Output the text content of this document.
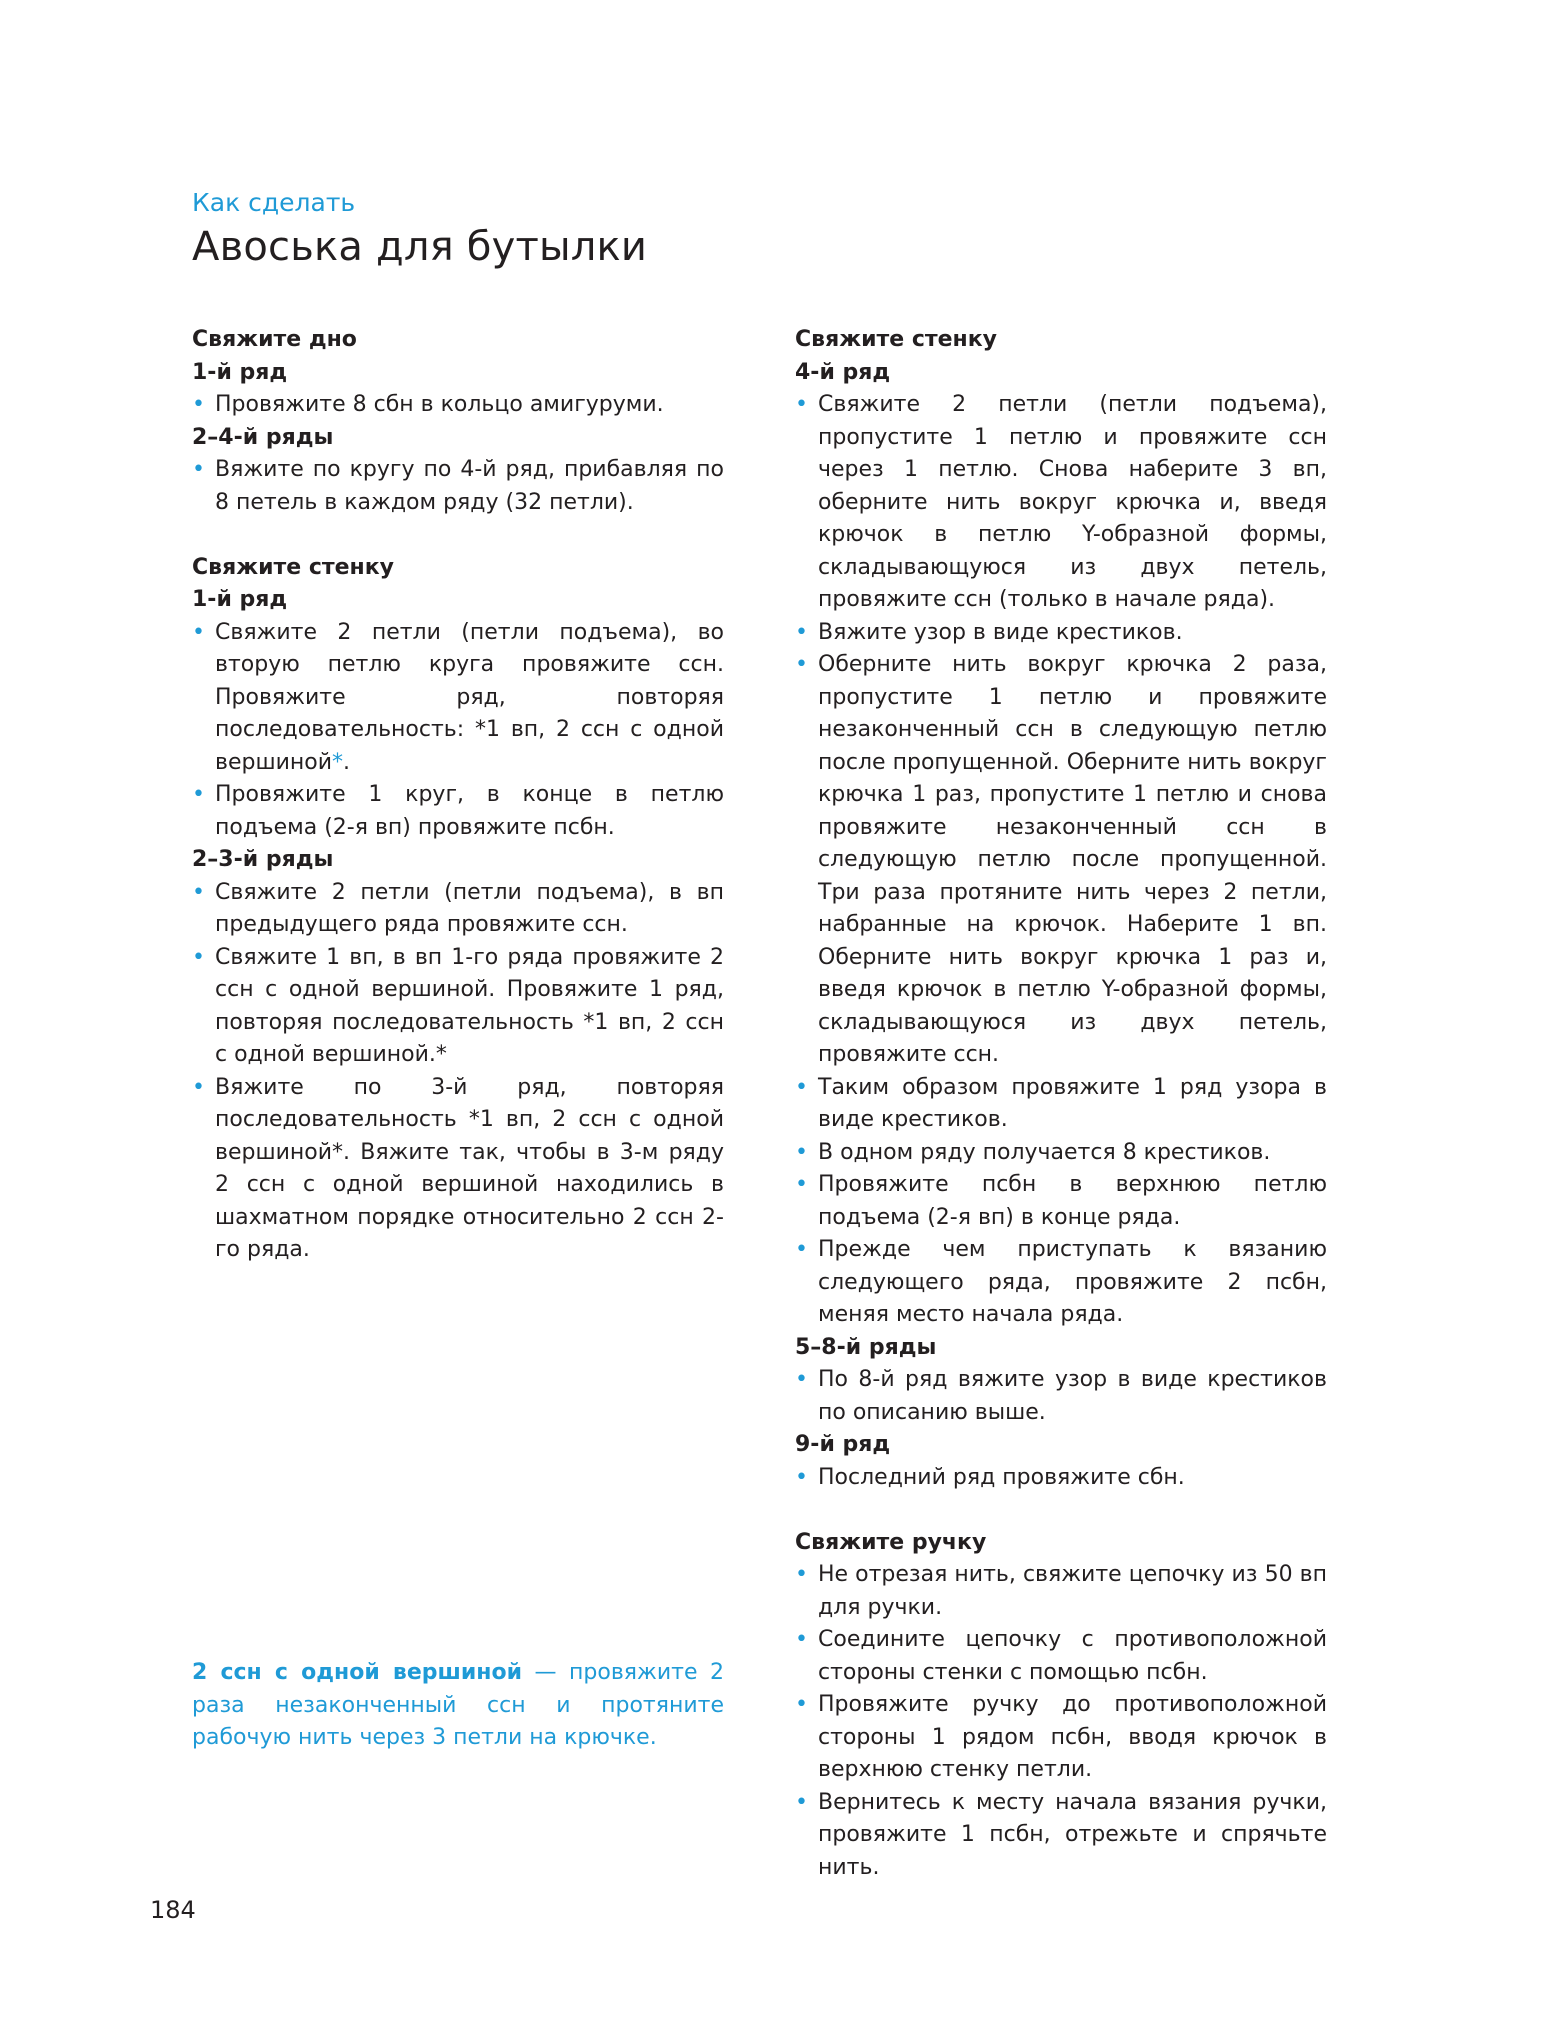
Как сделать
Авоська для бутылки
Свяжите дно
1-й ряд
• Провяжите 8 сбн в кольцо амигуруми.
2–4-й ряды
• Вяжите по кругу по 4-й ряд, прибавляя по 8 петель в каждом ряду (32 петли).
Свяжите стенку
1-й ряд
• Свяжите 2 петли (петли подъема), во вторую петлю круга провяжите ссн. Провяжите ряд, повторяя последовательность: *1 вп, 2 ссн с одной вершиной*.
• Провяжите 1 круг, в конце в петлю подъема (2-я вп) провяжите псбн.
2–3-й ряды
• Свяжите 2 петли (петли подъема), в вп предыдущего ряда провяжите ссн.
• Свяжите 1 вп, в вп 1-го ряда провяжите 2 ссн с одной вершиной. Провяжите 1 ряд, повторяя последовательность *1 вп, 2 ссн с одной вершиной.*
• Вяжите по 3-й ряд, повторяя последовательность *1 вп, 2 ссн с одной вершиной*. Вяжите так, чтобы в 3-м ряду 2 ссн с одной вершиной находились в шахматном порядке относительно 2 ссн 2-го ряда.
2 ссн с одной вершиной — провяжите 2 раза незаконченный ссн и протяните рабочую нить через 3 петли на крючке.
Свяжите стенку
4-й ряд
• Свяжите 2 петли (петли подъема), пропустите 1 петлю и провяжите ссн через 1 петлю. Снова наберите 3 вп, оберните нить вокруг крючка и, введя крючок в петлю Y-образной формы, складывающуюся из двух петель, провяжите ссн (только в начале ряда).
• Вяжите узор в виде крестиков.
• Оберните нить вокруг крючка 2 раза, пропустите 1 петлю и провяжите незаконченный ссн в следующую петлю после пропущенной. Оберните нить вокруг крючка 1 раз, пропустите 1 петлю и снова провяжите незаконченный ссн в следующую петлю после пропущенной. Три раза протяните нить через 2 петли, набранные на крючок. Наберите 1 вп. Оберните нить вокруг крючка 1 раз и, введя крючок в петлю Y-образной формы, складывающуюся из двух петель, провяжите ссн.
• Таким образом провяжите 1 ряд узора в виде крестиков.
• В одном ряду получается 8 крестиков.
• Провяжите псбн в верхнюю петлю подъема (2-я вп) в конце ряда.
• Прежде чем приступать к вязанию следующего ряда, провяжите 2 псбн, меняя место начала ряда.
5–8-й ряды
• По 8-й ряд вяжите узор в виде крестиков по описанию выше.
9-й ряд
• Последний ряд провяжите сбн.
Свяжите ручку
• Не отрезая нить, свяжите цепочку из 50 вп для ручки.
• Соедините цепочку с противоположной стороны стенки с помощью псбн.
• Провяжите ручку до противоположной стороны 1 рядом псбн, вводя крючок в верхнюю стенку петли.
• Вернитесь к месту начала вязания ручки, провяжите 1 псбн, отрежьте и спрячьте нить.
184
